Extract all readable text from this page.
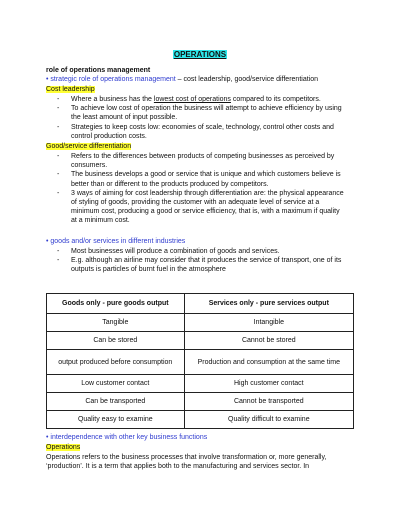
OPERATIONS
role of operations management
• strategic role of operations management – cost leadership, good/service differentiation
Cost leadership
- Where a business has the lowest cost of operations compared to its competitors.
- To achieve low cost of operation the business will attempt to achieve efficiency by using
the least amount of input possible.
- Strategies to keep costs low: economies of scale, technology, control other costs and
control production costs.
Good/service differentiation
- Refers to the differences between products of competing businesses as perceived by
consumers.
- The business develops a good or service that is unique and which customers believe is
better than or different to the products produced by competitors.
- 3 ways of aiming for cost leadership through differentiation are: the physical appearance
of styling of goods, providing the customer with an adequate level of service at a
minimum cost, producing a good or service efficiency, that is, with a maximum if quality
at a minimum cost.
• goods and/or services in different industries
- Most businesses will produce a combination of goods and services.
- E.g. although an airline may consider that it produces the service of transport, one of its
outputs is particles of burnt fuel in the atmosphere
Goods only - pure goods output	Services only - pure services output
Tangible	Intangible
Can be stored	Cannot be stored
output produced before consumption	Production and consumption at the same time
Low customer contact	High customer contact
Can be transported	Cannot be transported
Quality easy to examine	Quality difficult to examine
• interdependence with other key business functions
Operations
Operations refers to the business processes that involve transformation or, more generally,
‘production’. It is a term that applies both to the manufacturing and services sector. In
